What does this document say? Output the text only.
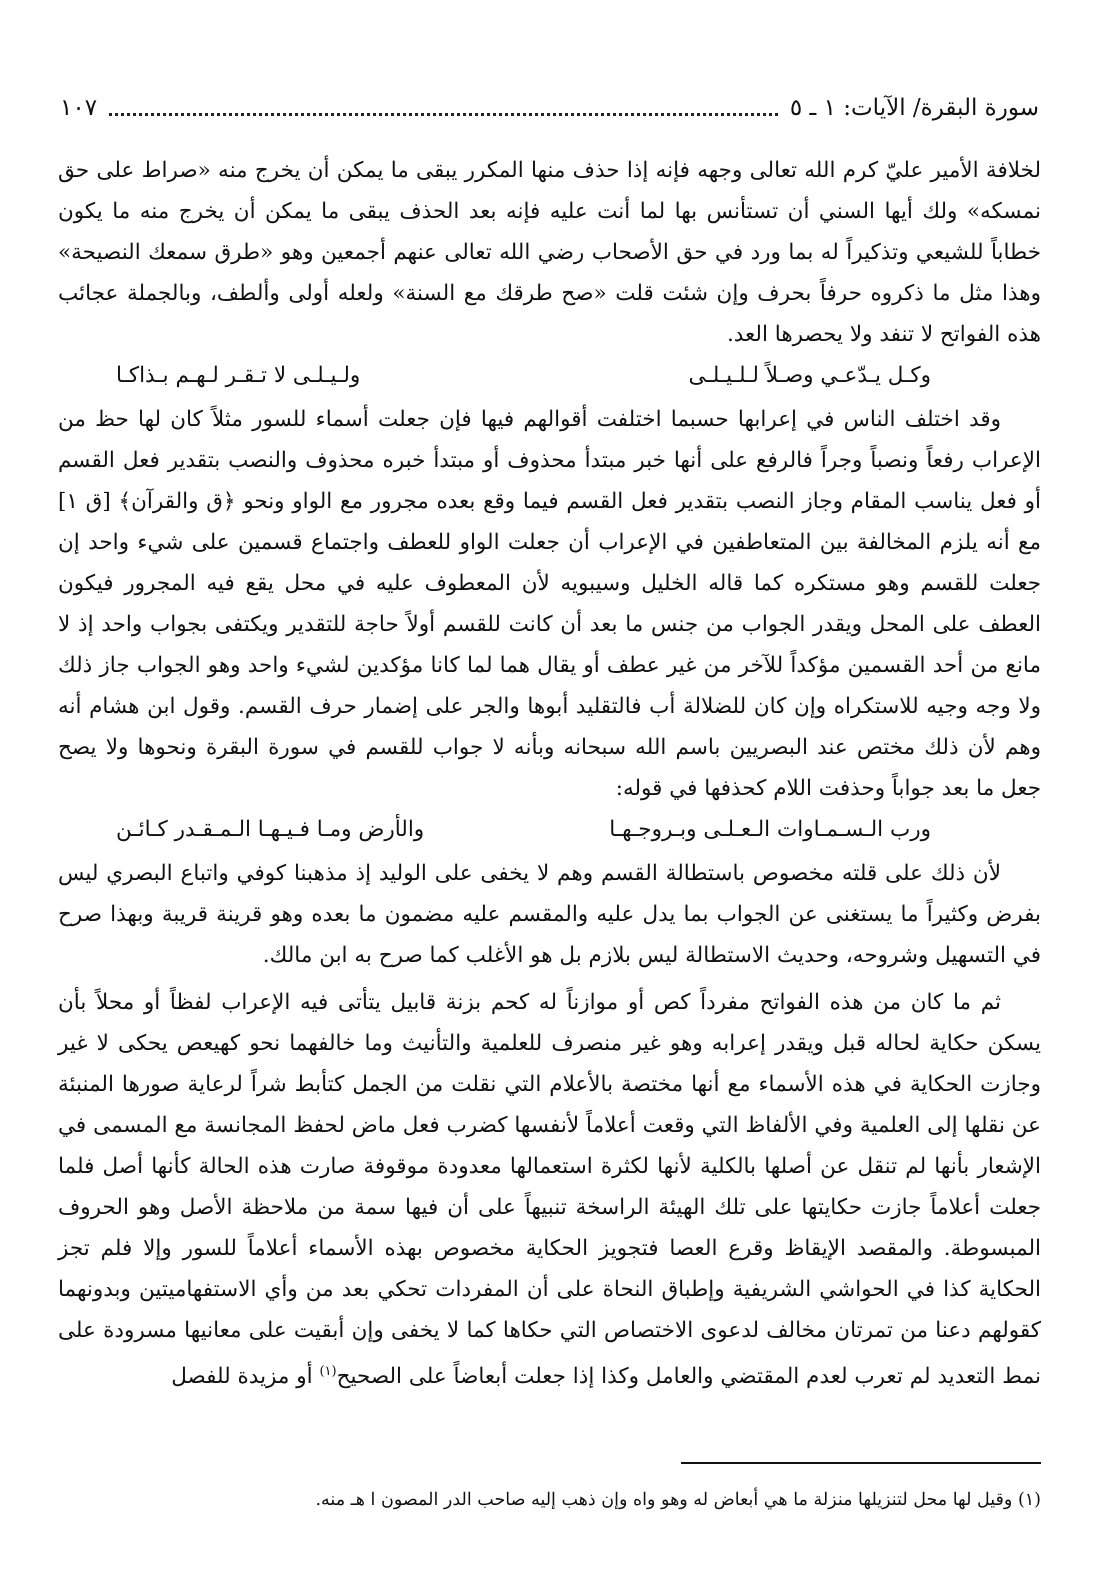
سورة البقرة/ الآيات: ١ ـ ٥
١٠٧

لخلافة الأمير عليّ كرم الله تعالى وجهه فإنه إذا حذف منها المكرر يبقى ما يمكن أن يخرج منه «صراط على حق نمسكه» ولك أيها السني أن تستأنس بها لما أنت عليه فإنه بعد الحذف يبقى ما يمكن أن يخرج منه ما يكون خطاباً للشيعي وتذكيراً له بما ورد في حق الأصحاب رضي الله تعالى عنهم أجمعين وهو «طرق سمعك النصيحة» وهذا مثل ما ذكروه حرفاً بحرف وإن شئت قلت «صح طرقك مع السنة» ولعله أولى وألطف، وبالجملة عجائب هذه الفواتح لا تنفد ولا يحصرها العد.

وكـل يـدّعـي وصـلاً لـلـيـلـى
ولـيـلـى لا تـقـر لـهـم بـذاكـا

وقد اختلف الناس في إعرابها حسبما اختلفت أقوالهم فيها فإن جعلت أسماء للسور مثلاً كان لها حظ من الإعراب رفعاً ونصباً وجراً فالرفع على أنها خبر مبتدأ محذوف أو مبتدأ خبره محذوف والنصب بتقدير فعل القسم أو فعل يناسب المقام وجاز النصب بتقدير فعل القسم فيما وقع بعده مجرور مع الواو ونحو ﴿ق والقرآن﴾ [ق ١] مع أنه يلزم المخالفة بين المتعاطفين في الإعراب أن جعلت الواو للعطف واجتماع قسمين على شيء واحد إن جعلت للقسم وهو مستكره كما قاله الخليل وسيبويه لأن المعطوف عليه في محل يقع فيه المجرور فيكون العطف على المحل ويقدر الجواب من جنس ما بعد أن كانت للقسم أولاً حاجة للتقدير ويكتفى بجواب واحد إذ لا مانع من أحد القسمين مؤكداً للآخر من غير عطف أو يقال هما لما كانا مؤكدين لشيء واحد وهو الجواب جاز ذلك ولا وجه وجيه للاستكراه وإن كان للضلالة أب فالتقليد أبوها والجر على إضمار حرف القسم. وقول ابن هشام أنه وهم لأن ذلك مختص عند البصريين باسم الله سبحانه وبأنه لا جواب للقسم في سورة البقرة ونحوها ولا يصح جعل ما بعد جواباً وحذفت اللام كحذفها في قوله:

ورب الـسـمـاوات الـعـلـى وبـروجـهـا
والأرض ومـا فـيـهـا الـمـقـدر كـائـن

لأن ذلك على قلته مخصوص باستطالة القسم وهم لا يخفى على الوليد إذ مذهبنا كوفي واتباع البصري ليس بفرض وكثيراً ما يستغنى عن الجواب بما يدل عليه والمقسم عليه مضمون ما بعده وهو قرينة قريبة وبهذا صرح في التسهيل وشروحه، وحديث الاستطالة ليس بلازم بل هو الأغلب كما صرح به ابن مالك.

ثم ما كان من هذه الفواتح مفرداً كص أو موازناً له كحم بزنة قابيل يتأتى فيه الإعراب لفظاً أو محلاً بأن يسكن حكاية لحاله قبل ويقدر إعرابه وهو غير منصرف للعلمية والتأنيث وما خالفهما نحو كهيعص يحكى لا غير وجازت الحكاية في هذه الأسماء مع أنها مختصة بالأعلام التي نقلت من الجمل كتأبط شراً لرعاية صورها المنبئة عن نقلها إلى العلمية وفي الألفاظ التي وقعت أعلاماً لأنفسها كضرب فعل ماض لحفظ المجانسة مع المسمى في الإشعار بأنها لم تنقل عن أصلها بالكلية لأنها لكثرة استعمالها معدودة موقوفة صارت هذه الحالة كأنها أصل فلما جعلت أعلاماً جازت حكايتها على تلك الهيئة الراسخة تنبيهاً على أن فيها سمة من ملاحظة الأصل وهو الحروف المبسوطة. والمقصد الإيقاظ وقرع العصا فتجويز الحكاية مخصوص بهذه الأسماء أعلاماً للسور وإلا فلم تجز الحكاية كذا في الحواشي الشريفية وإطباق النحاة على أن المفردات تحكي بعد من وأي الاستفهاميتين وبدونهما كقولهم دعنا من تمرتان مخالف لدعوى الاختصاص التي حكاها كما لا يخفى وإن أبقيت على معانيها مسرودة على نمط التعديد لم تعرب لعدم المقتضي والعامل وكذا إذا جعلت أبعاضاً على الصحيح$^{(١)}$ أو مزيدة للفصل

(١) وقيل لها محل لتنزيلها منزلة ما هي أبعاض له وهو واه وإن ذهب إليه صاحب الدر المصون ا هـ منه.
